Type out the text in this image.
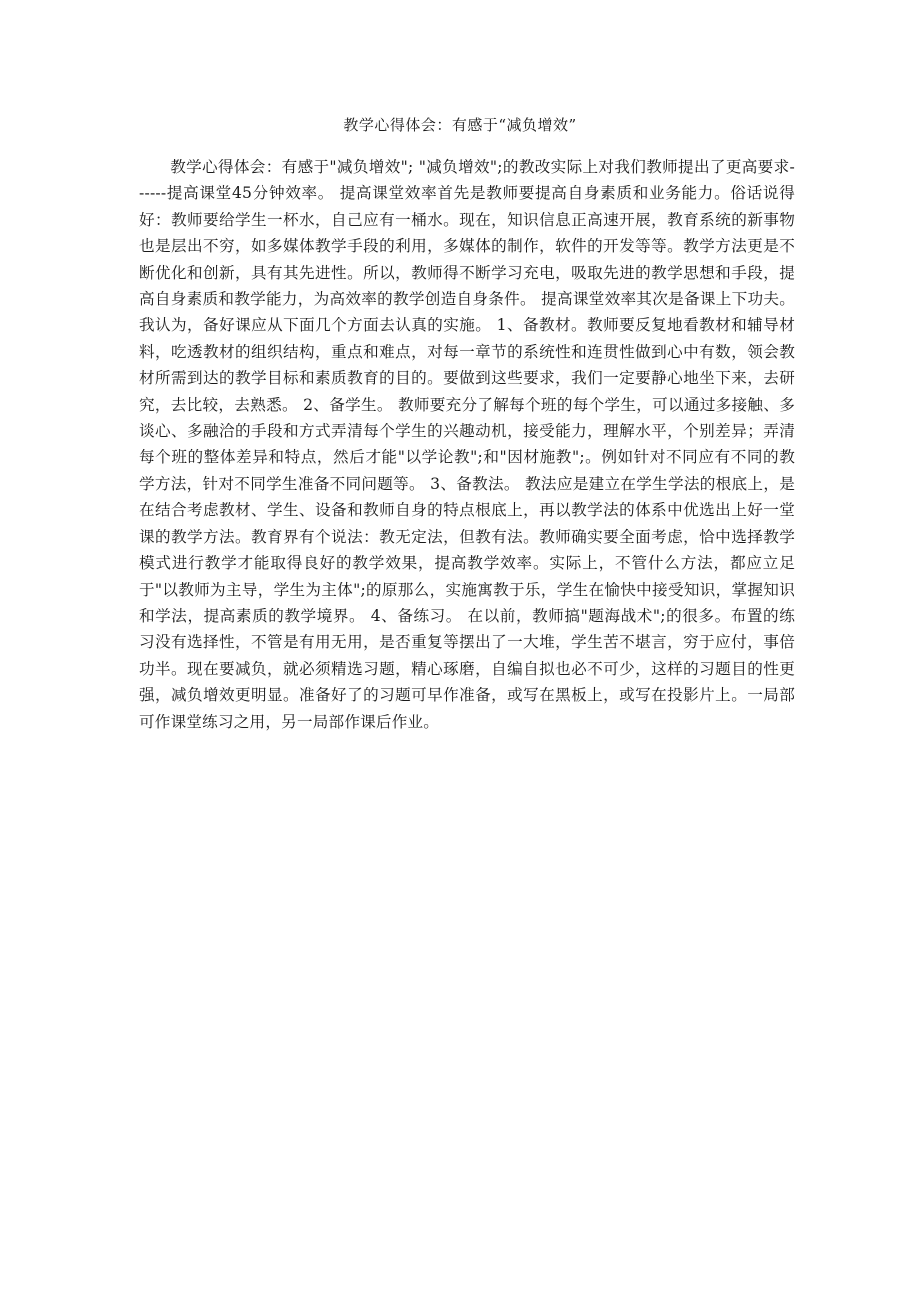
教学心得体会：有感于“减负增效”
教学心得体会：有感于"减负增效"; "减负增效";的教改实际上对我们教师提出了更高要求------提高课堂45分钟效率。 提高课堂效率首先是教师要提高自身素质和业务能力。俗话说得好：教师要给学生一杯水，自己应有一桶水。现在，知识信息正高速开展，教育系统的新事物也是层出不穷，如多媒体教学手段的利用，多媒体的制作，软件的开发等等。教学方法更是不断优化和创新，具有其先进性。所以，教师得不断学习充电，吸取先进的教学思想和手段，提高自身素质和教学能力，为高效率的教学创造自身条件。 提高课堂效率其次是备课上下功夫。我认为，备好课应从下面几个方面去认真的实施。 1、备教材。教师要反复地看教材和辅导材料，吃透教材的组织结构，重点和难点，对每一章节的系统性和连贯性做到心中有数，领会教材所需到达的教学目标和素质教育的目的。要做到这些要求，我们一定要静心地坐下来，去研究，去比较，去熟悉。 2、备学生。 教师要充分了解每个班的每个学生，可以通过多接触、多谈心、多融洽的手段和方式弄清每个学生的兴趣动机，接受能力，理解水平，个别差异；弄清每个班的整体差异和特点，然后才能"以学论教";和"因材施教";。例如针对不同应有不同的教学方法，针对不同学生准备不同问题等。 3、备教法。 教法应是建立在学生学法的根底上，是在结合考虑教材、学生、设备和教师自身的特点根底上，再以教学法的体系中优选出上好一堂课的教学方法。教育界有个说法：教无定法，但教有法。教师确实要全面考虑，恰中选择教学模式进行教学才能取得良好的教学效果，提高教学效率。实际上，不管什么方法，都应立足于"以教师为主导，学生为主体";的原那么，实施寓教于乐，学生在愉快中接受知识，掌握知识和学法，提高素质的教学境界。 4、备练习。 在以前，教师搞"题海战术";的很多。布置的练习没有选择性，不管是有用无用，是否重复等摆出了一大堆，学生苦不堪言，穷于应付，事倍功半。现在要减负，就必须精选习题，精心琢磨，自编自拟也必不可少，这样的习题目的性更强，减负增效更明显。准备好了的习题可早作准备，或写在黑板上，或写在投影片上。一局部可作课堂练习之用，另一局部作课后作业。
